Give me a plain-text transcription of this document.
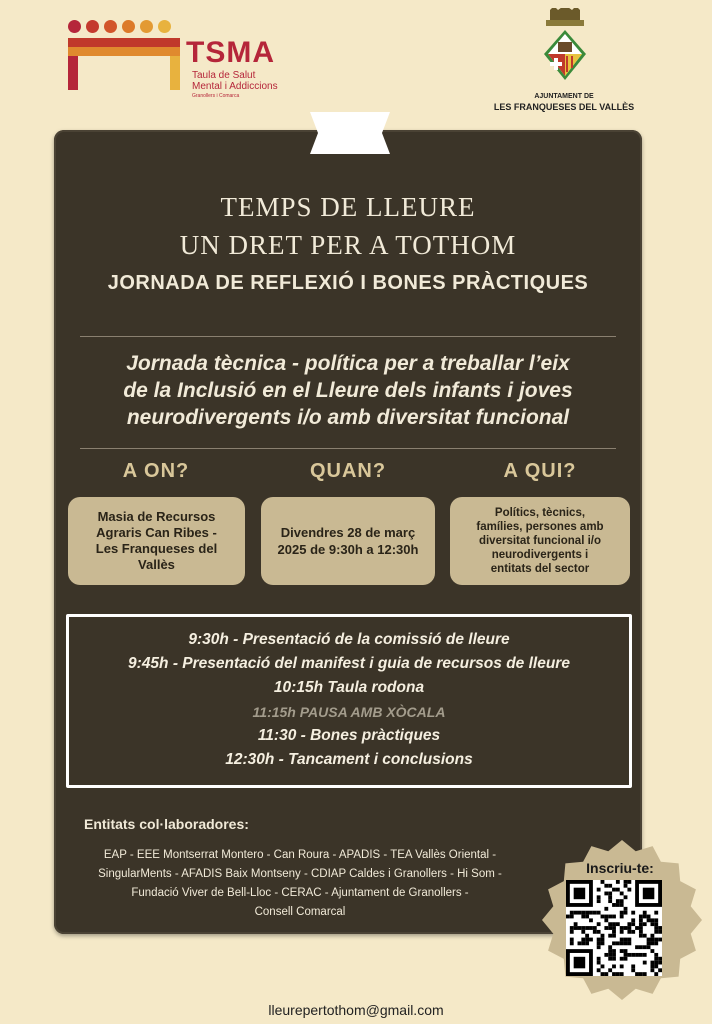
TSMA
Taula de Salut
Mental i Addiccions
Granollers i Comarca	AJUNTAMENT DE
LES FRANQUESES DEL VALLÈS
TEMPS DE LLEURE
UN DRET PER A TOTHOM
JORNADA DE REFLEXIÓ I BONES PRÀCTIQUES
Jornada tècnica - política per a treballar l’eix
de la Inclusió en el Lleure dels infants i joves
neurodivergents i/o amb diversitat funcional
A ON?	QUAN?	A QUI?
Masia de Recursos
Agraris Can Ribes -
Les Franqueses del
Vallès
Divendres 28 de març
2025 de 9:30h a 12:30h
Polítics, tècnics,
famílies, persones amb
diversitat funcional i/o
neurodivergents i
entitats del sector
9:30h - Presentació de la comissió de lleure
9:45h - Presentació del manifest i guia de recursos de lleure
10:15h Taula rodona
11:15h PAUSA AMB XÒCALA
11:30 - Bones pràctiques
12:30h - Tancament i conclusions
Entitats col·laboradores:
EAP - EEE Montserrat Montero - Can Roura - APADIS - TEA Vallès Oriental -
SingularMents - AFADIS Baix Montseny - CDIAP Caldes i Granollers - Hi Som -
Fundació Viver de Bell-Lloc - CERAC - Ajuntament de Granollers -
Consell Comarcal
Inscriu-te:
lleurepertothom@gmail.com
